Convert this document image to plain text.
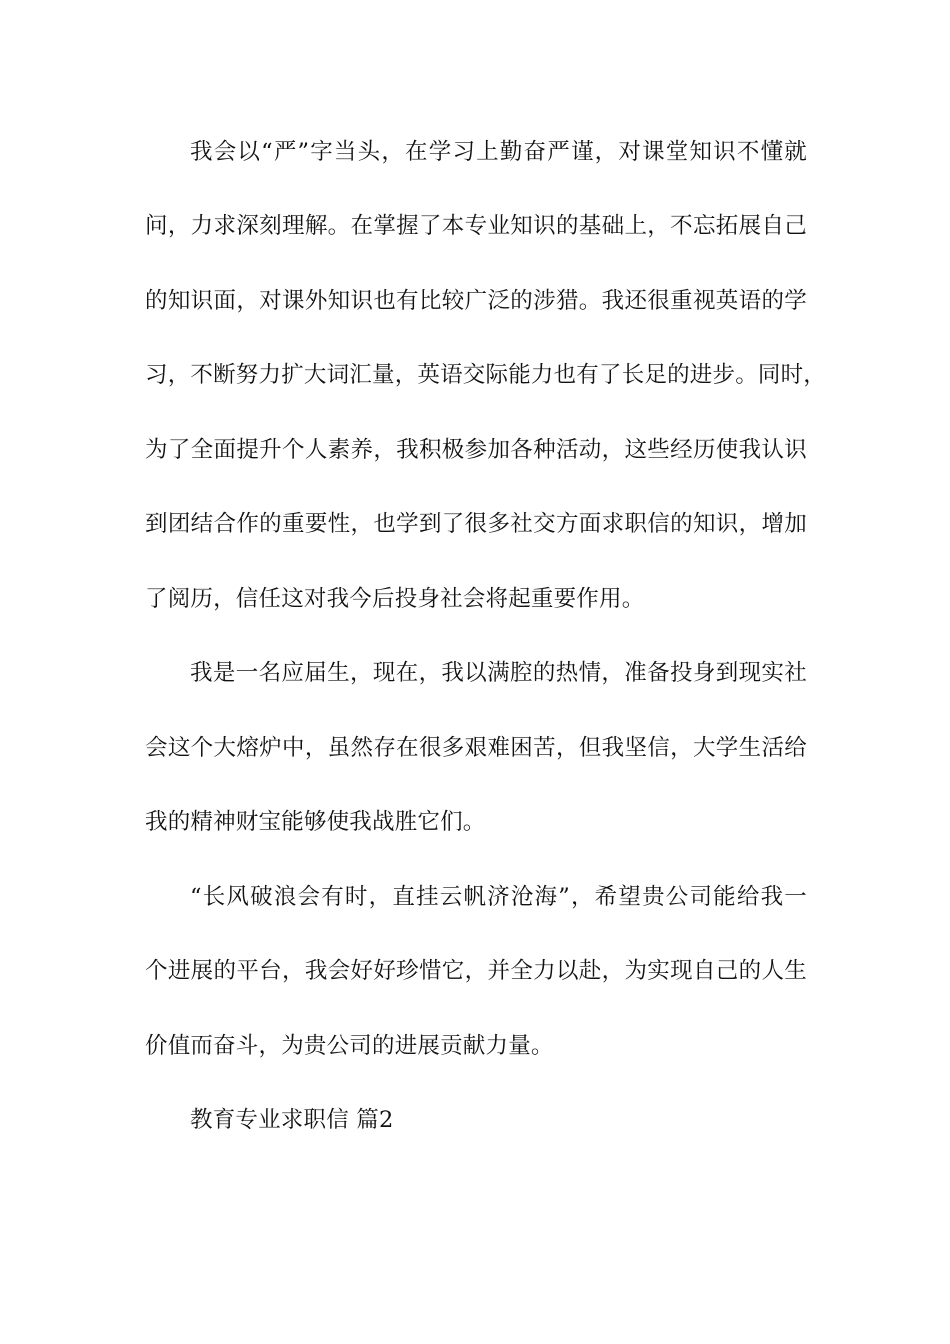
我会以“严”字当头，在学习上勤奋严谨，对课堂知识不懂就
问，力求深刻理解。在掌握了本专业知识的基础上，不忘拓展自己
的知识面，对课外知识也有比较广泛的涉猎。我还很重视英语的学
习，不断努力扩大词汇量，英语交际能力也有了长足的进步。同时，
为了全面提升个人素养，我积极参加各种活动，这些经历使我认识
到团结合作的重要性，也学到了很多社交方面求职信的知识，增加
了阅历，信任这对我今后投身社会将起重要作用。
我是一名应届生，现在，我以满腔的热情，准备投身到现实社
会这个大熔炉中，虽然存在很多艰难困苦，但我坚信，大学生活给
我的精神财宝能够使我战胜它们。
“长风破浪会有时，直挂云帆济沧海”，希望贵公司能给我一
个进展的平台，我会好好珍惜它，并全力以赴，为实现自己的人生
价值而奋斗，为贵公司的进展贡献力量。
教育专业求职信 篇2
